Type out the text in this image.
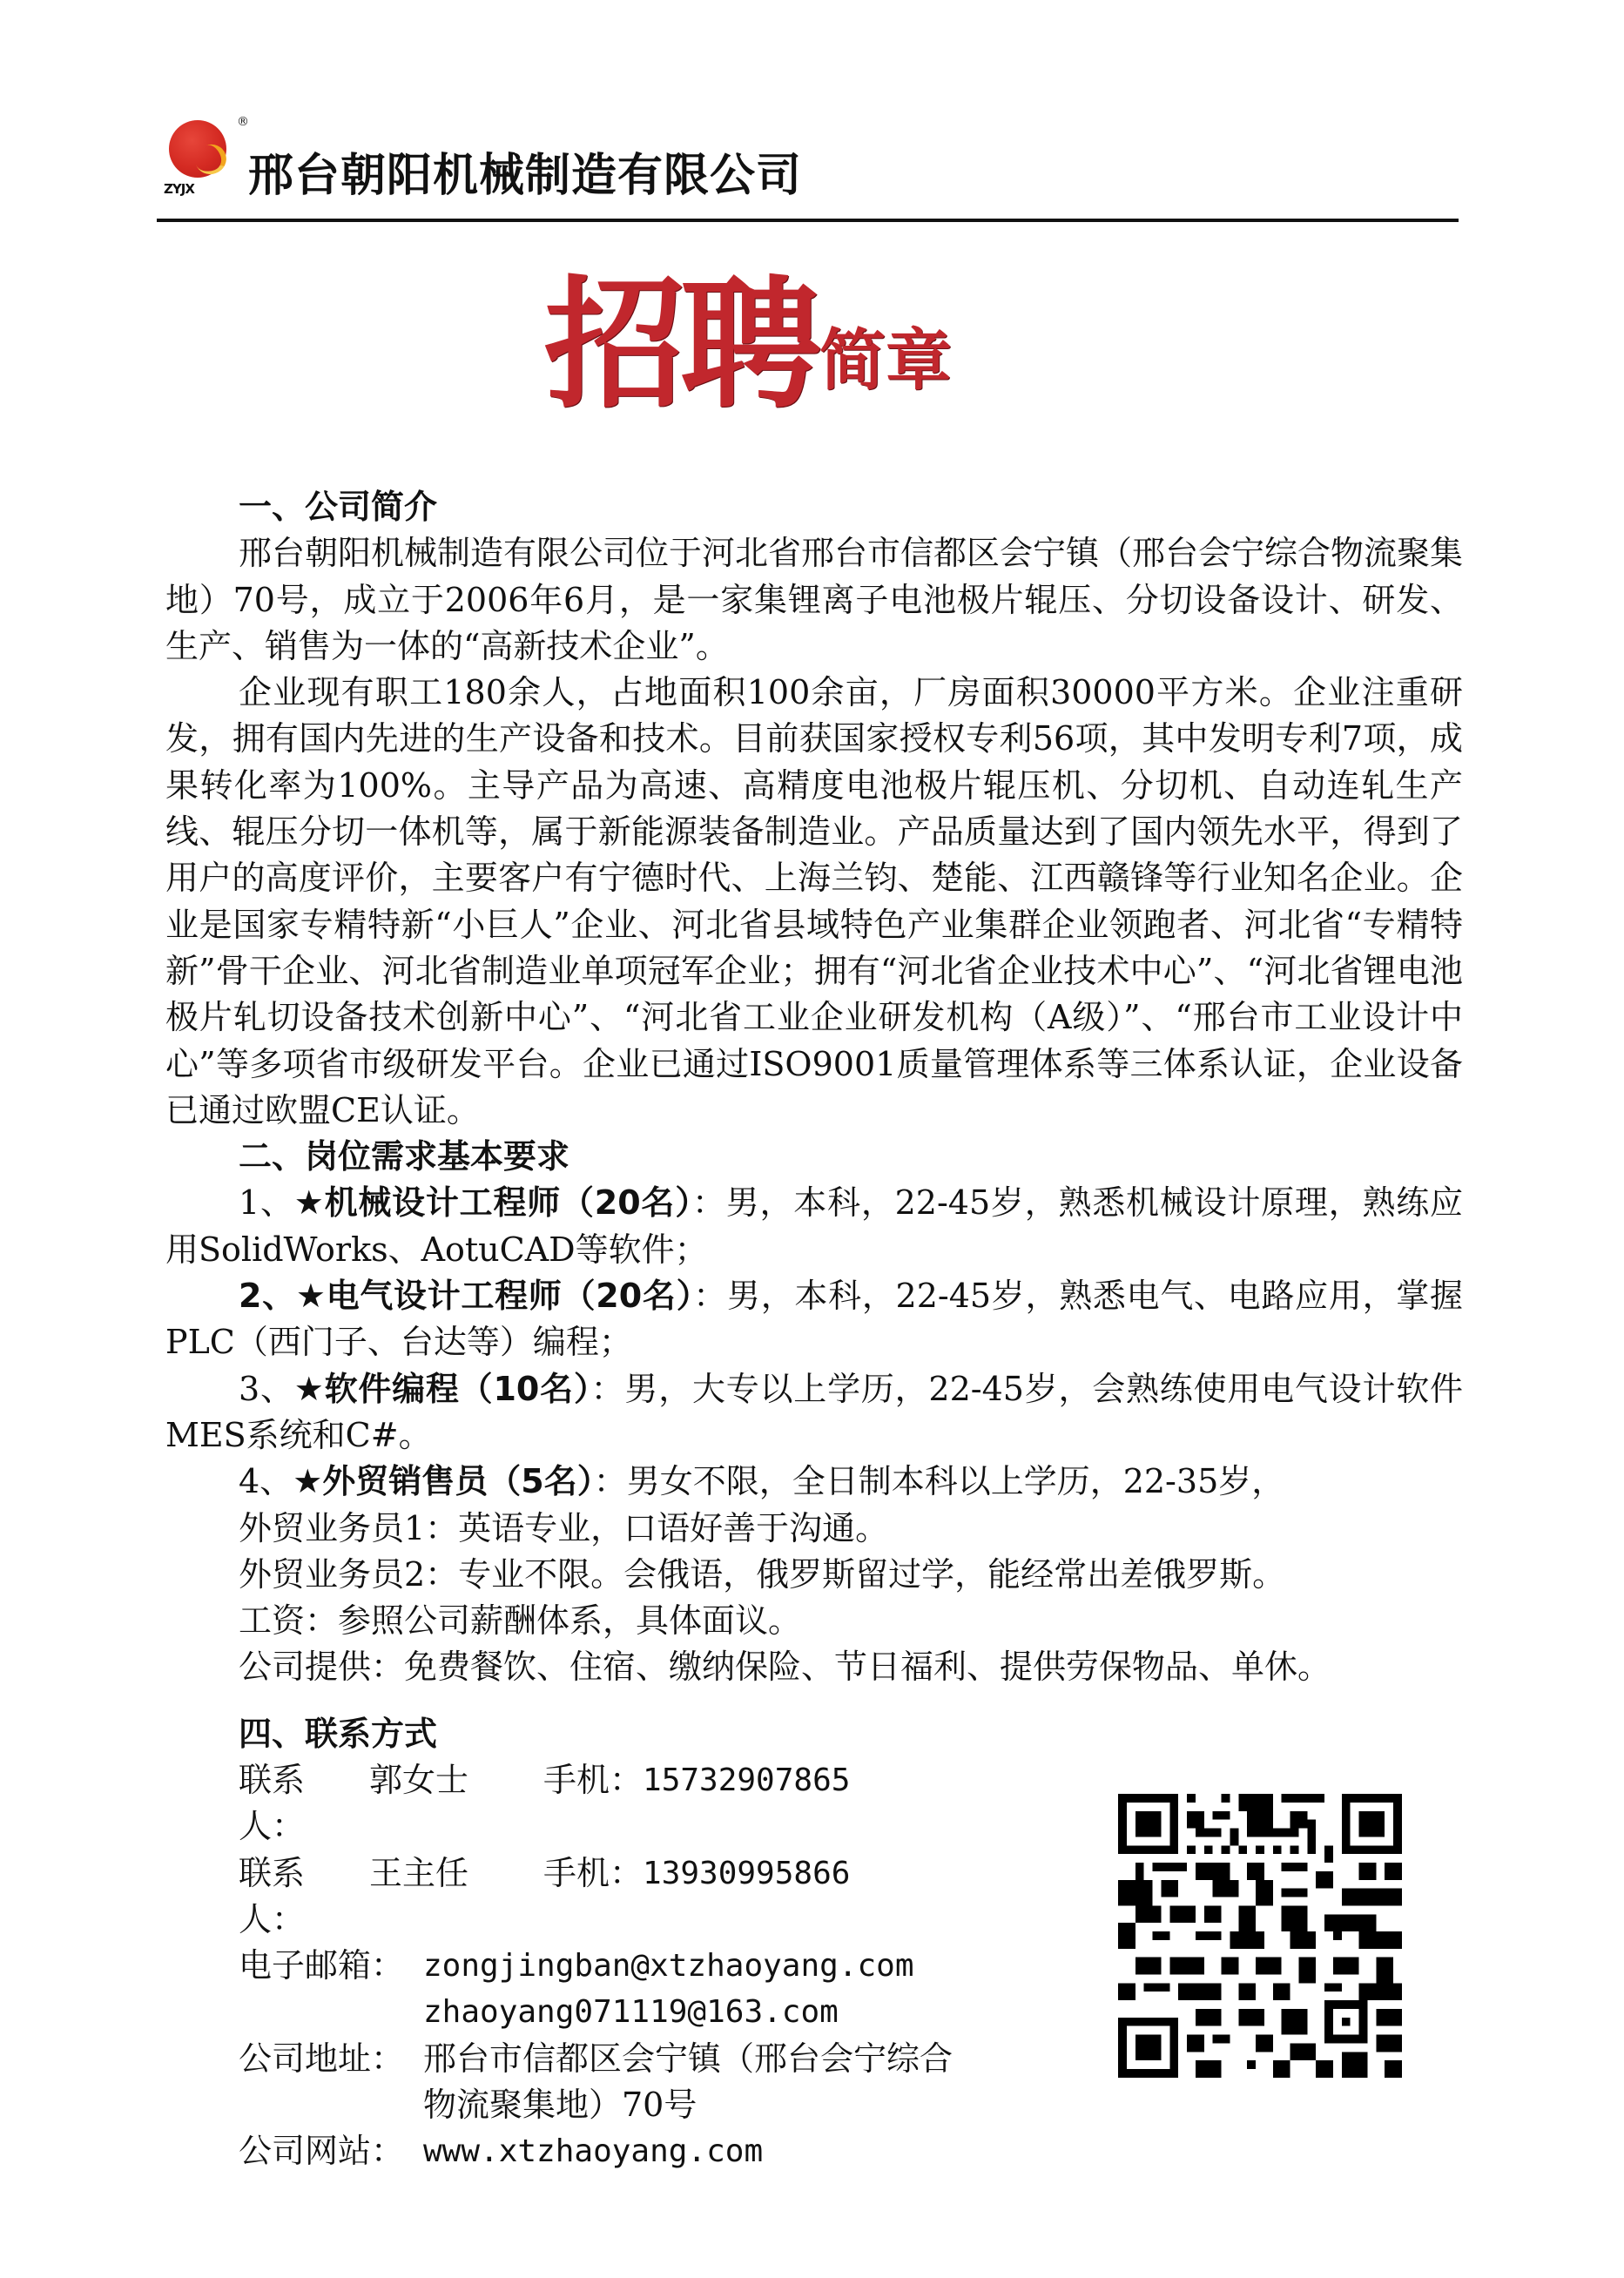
®
ZYJX 邢台朝阳机械制造有限公司
招聘 简章
一、公司简介

邢台朝阳机械制造有限公司位于河北省邢台市信都区会宁镇（邢台会宁综合物流聚集地）70号，成立于2006年6月，是一家集锂离子电池极片辊压、分切设备设计、研发、生产、销售为一体的“高新技术企业”。

企业现有职工180余人，占地面积100余亩，厂房面积30000平方米。企业注重研发，拥有国内先进的生产设备和技术。目前获国家授权专利56项，其中发明专利7项，成果转化率为100%。主导产品为高速、高精度电池极片辊压机、分切机、自动连轧生产线、辊压分切一体机等，属于新能源装备制造业。产品质量达到了国内领先水平，得到了用户的高度评价，主要客户有宁德时代、上海兰钧、楚能、江西赣锋等行业知名企业。企业是国家专精特新“小巨人”企业、河北省县域特色产业集群企业领跑者、河北省“专精特新”骨干企业、河北省制造业单项冠军企业；拥有“河北省企业技术中心”、“河北省锂电池极片轧切设备技术创新中心”、“河北省工业企业研发机构（A级）”、“邢台市工业设计中心”等多项省市级研发平台。企业已通过ISO9001质量管理体系等三体系认证，企业设备已通过欧盟CE认证。

二、岗位需求基本要求

1、★机械设计工程师（20名）：男，本科，22-45岁，熟悉机械设计原理，熟练应用SolidWorks、AotuCAD等软件；

2、★电气设计工程师（20名）：男，本科，22-45岁，熟悉电气、电路应用，掌握PLC（西门子、台达等）编程；

3、★软件编程（10名）：男，大专以上学历，22-45岁，会熟练使用电气设计软件MES系统和C#。

4、★外贸销售员（5名）：男女不限，全日制本科以上学历，22-35岁，

外贸业务员1：英语专业，口语好善于沟通。

外贸业务员2：专业不限。会俄语，俄罗斯留过学，能经常出差俄罗斯。

工资：参照公司薪酬体系，具体面议。

公司提供：免费餐饮、住宿、缴纳保险、节日福利、提供劳保物品、单休。

四、联系方式
联系人：
郭女士	手机： 15732907865
联系人：
王主任	手机： 13930995866
电子邮箱： zongjingban@xtzhaoyang.com
zhaoyang071119@163.com
公司地址： 邢台市信都区会宁镇（邢台会宁综合
物流聚集地）70号
公司网站： www.xtzhaoyang.com
